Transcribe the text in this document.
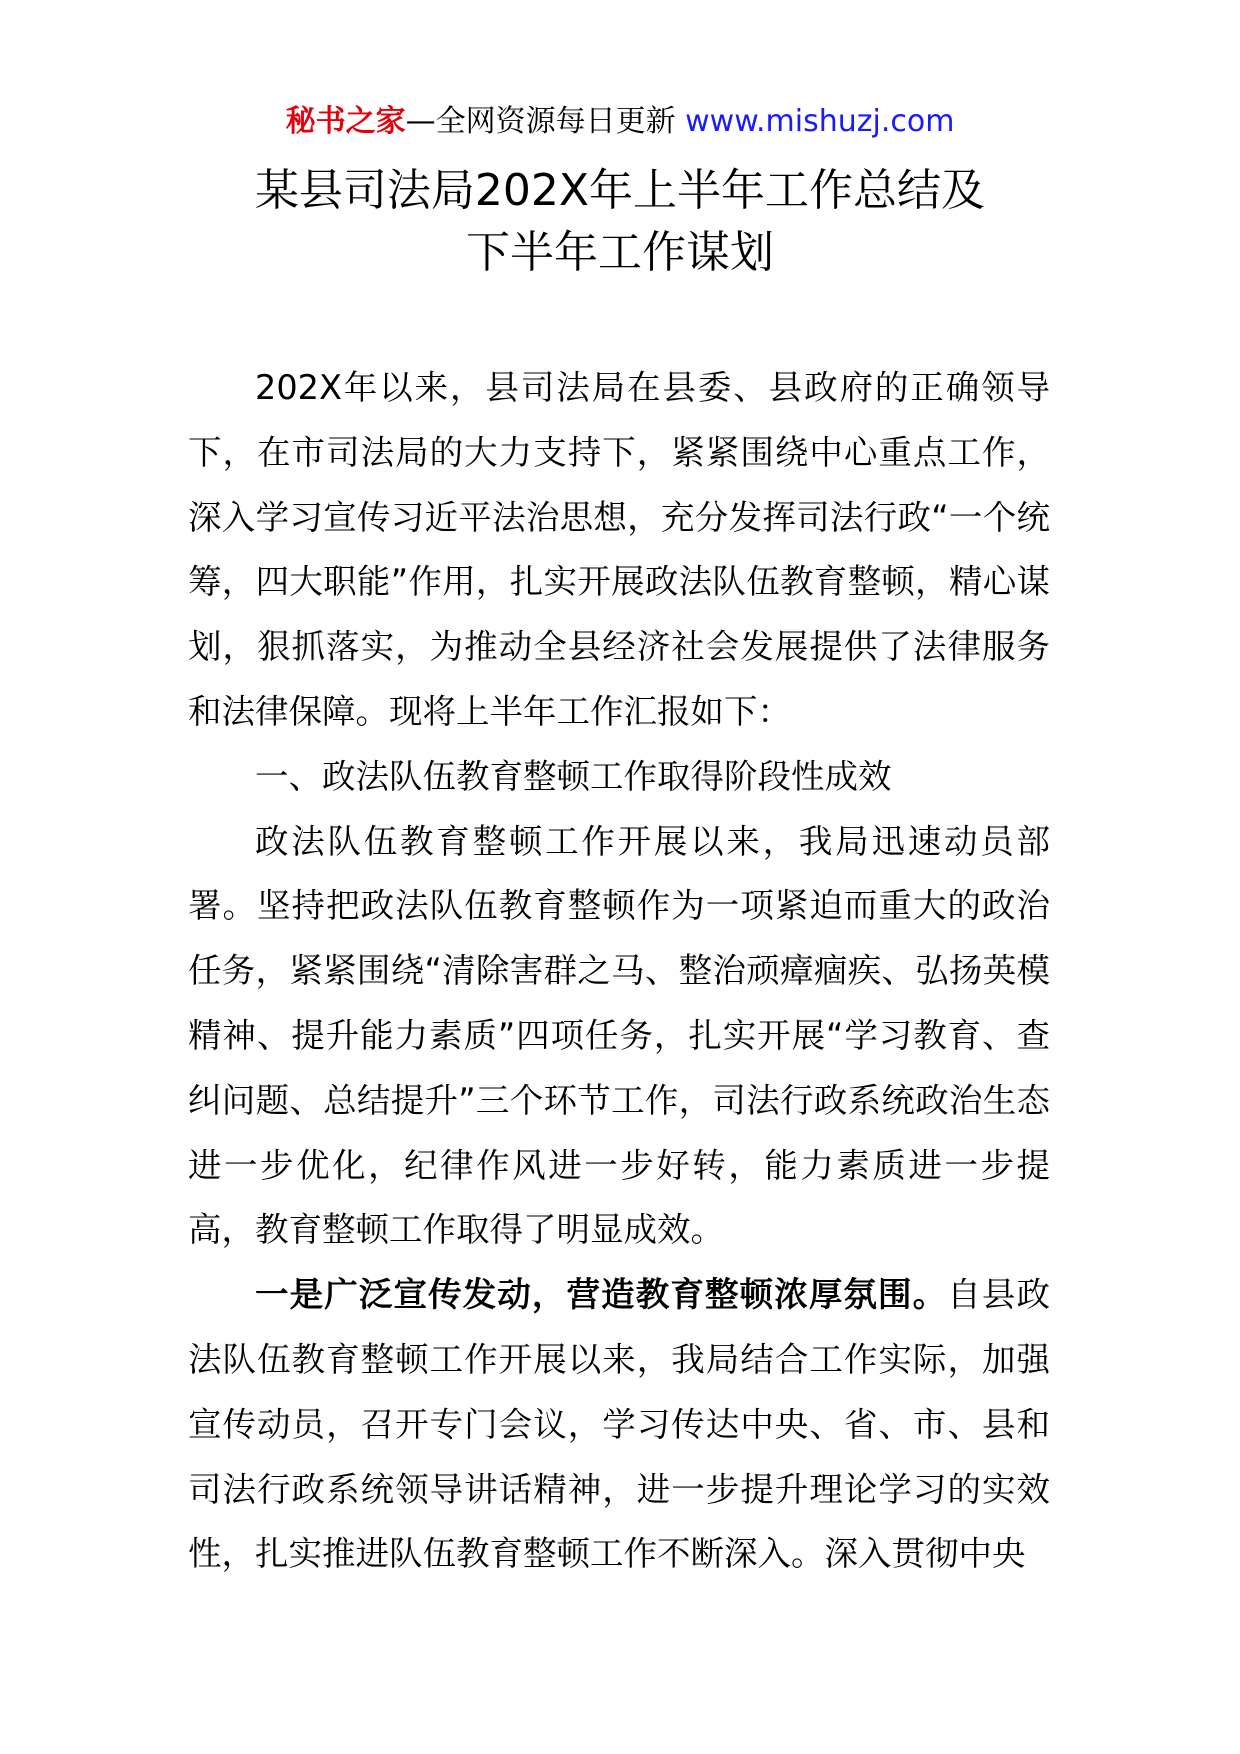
秘书之家—全网资源每日更新 www.mishuzj.com
某县司法局202X年上半年工作总结及
下半年工作谋划

202X年以来，县司法局在县委、县政府的正确领导下，在市司法局的大力支持下，紧紧围绕中心重点工作，深入学习宣传习近平法治思想，充分发挥司法行政“一个统筹，四大职能”作用，扎实开展政法队伍教育整顿，精心谋划，狠抓落实，为推动全县经济社会发展提供了法律服务和法律保障。现将上半年工作汇报如下：

一、政法队伍教育整顿工作取得阶段性成效

政法队伍教育整顿工作开展以来，我局迅速动员部署。坚持把政法队伍教育整顿作为一项紧迫而重大的政治任务，紧紧围绕“清除害群之马、整治顽瘴痼疾、弘扬英模精神、提升能力素质”四项任务，扎实开展“学习教育、查纠问题、总结提升”三个环节工作，司法行政系统政治生态进一步优化，纪律作风进一步好转，能力素质进一步提高，教育整顿工作取得了明显成效。

一是广泛宣传发动，营造教育整顿浓厚氛围。自县政法队伍教育整顿工作开展以来，我局结合工作实际，加强宣传动员，召开专门会议，学习传达中央、省、市、县和司法行政系统领导讲话精神，进一步提升理论学习的实效性，扎实推进队伍教育整顿工作不断深入。深入贯彻中央
